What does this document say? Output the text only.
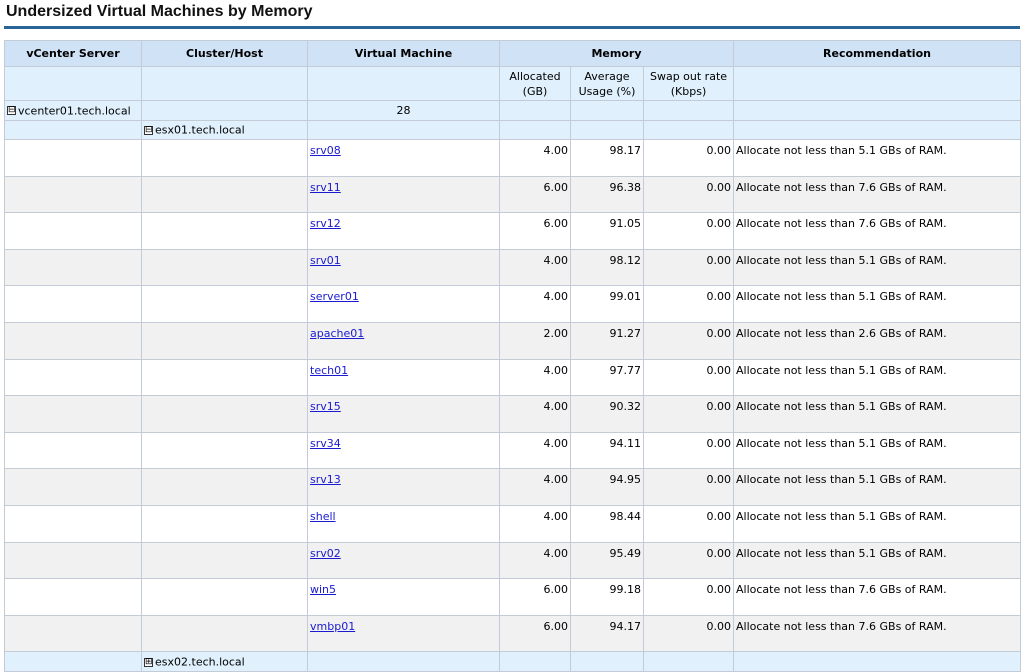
Undersized Virtual Machines by Memory
vCenter Server	Cluster/Host	Virtual Machine	Memory			Recommendation
			Allocated (GB)	Average Usage (%)	Swap out rate (Kbps)	
⊟ vcenter01.tech.local		28				
	⊟ esx01.tech.local					
		srv08	4.00	98.17	0.00	Allocate not less than 5.1 GBs of RAM.
		srv11	6.00	96.38	0.00	Allocate not less than 7.6 GBs of RAM.
		srv12	6.00	91.05	0.00	Allocate not less than 7.6 GBs of RAM.
		srv01	4.00	98.12	0.00	Allocate not less than 5.1 GBs of RAM.
		server01	4.00	99.01	0.00	Allocate not less than 5.1 GBs of RAM.
		apache01	2.00	91.27	0.00	Allocate not less than 2.6 GBs of RAM.
		tech01	4.00	97.77	0.00	Allocate not less than 5.1 GBs of RAM.
		srv15	4.00	90.32	0.00	Allocate not less than 5.1 GBs of RAM.
		srv34	4.00	94.11	0.00	Allocate not less than 5.1 GBs of RAM.
		srv13	4.00	94.95	0.00	Allocate not less than 5.1 GBs of RAM.
		shell	4.00	98.44	0.00	Allocate not less than 5.1 GBs of RAM.
		srv02	4.00	95.49	0.00	Allocate not less than 5.1 GBs of RAM.
		win5	6.00	99.18	0.00	Allocate not less than 7.6 GBs of RAM.
		vmbp01	6.00	94.17	0.00	Allocate not less than 7.6 GBs of RAM.
	⊞ esx02.tech.local					
